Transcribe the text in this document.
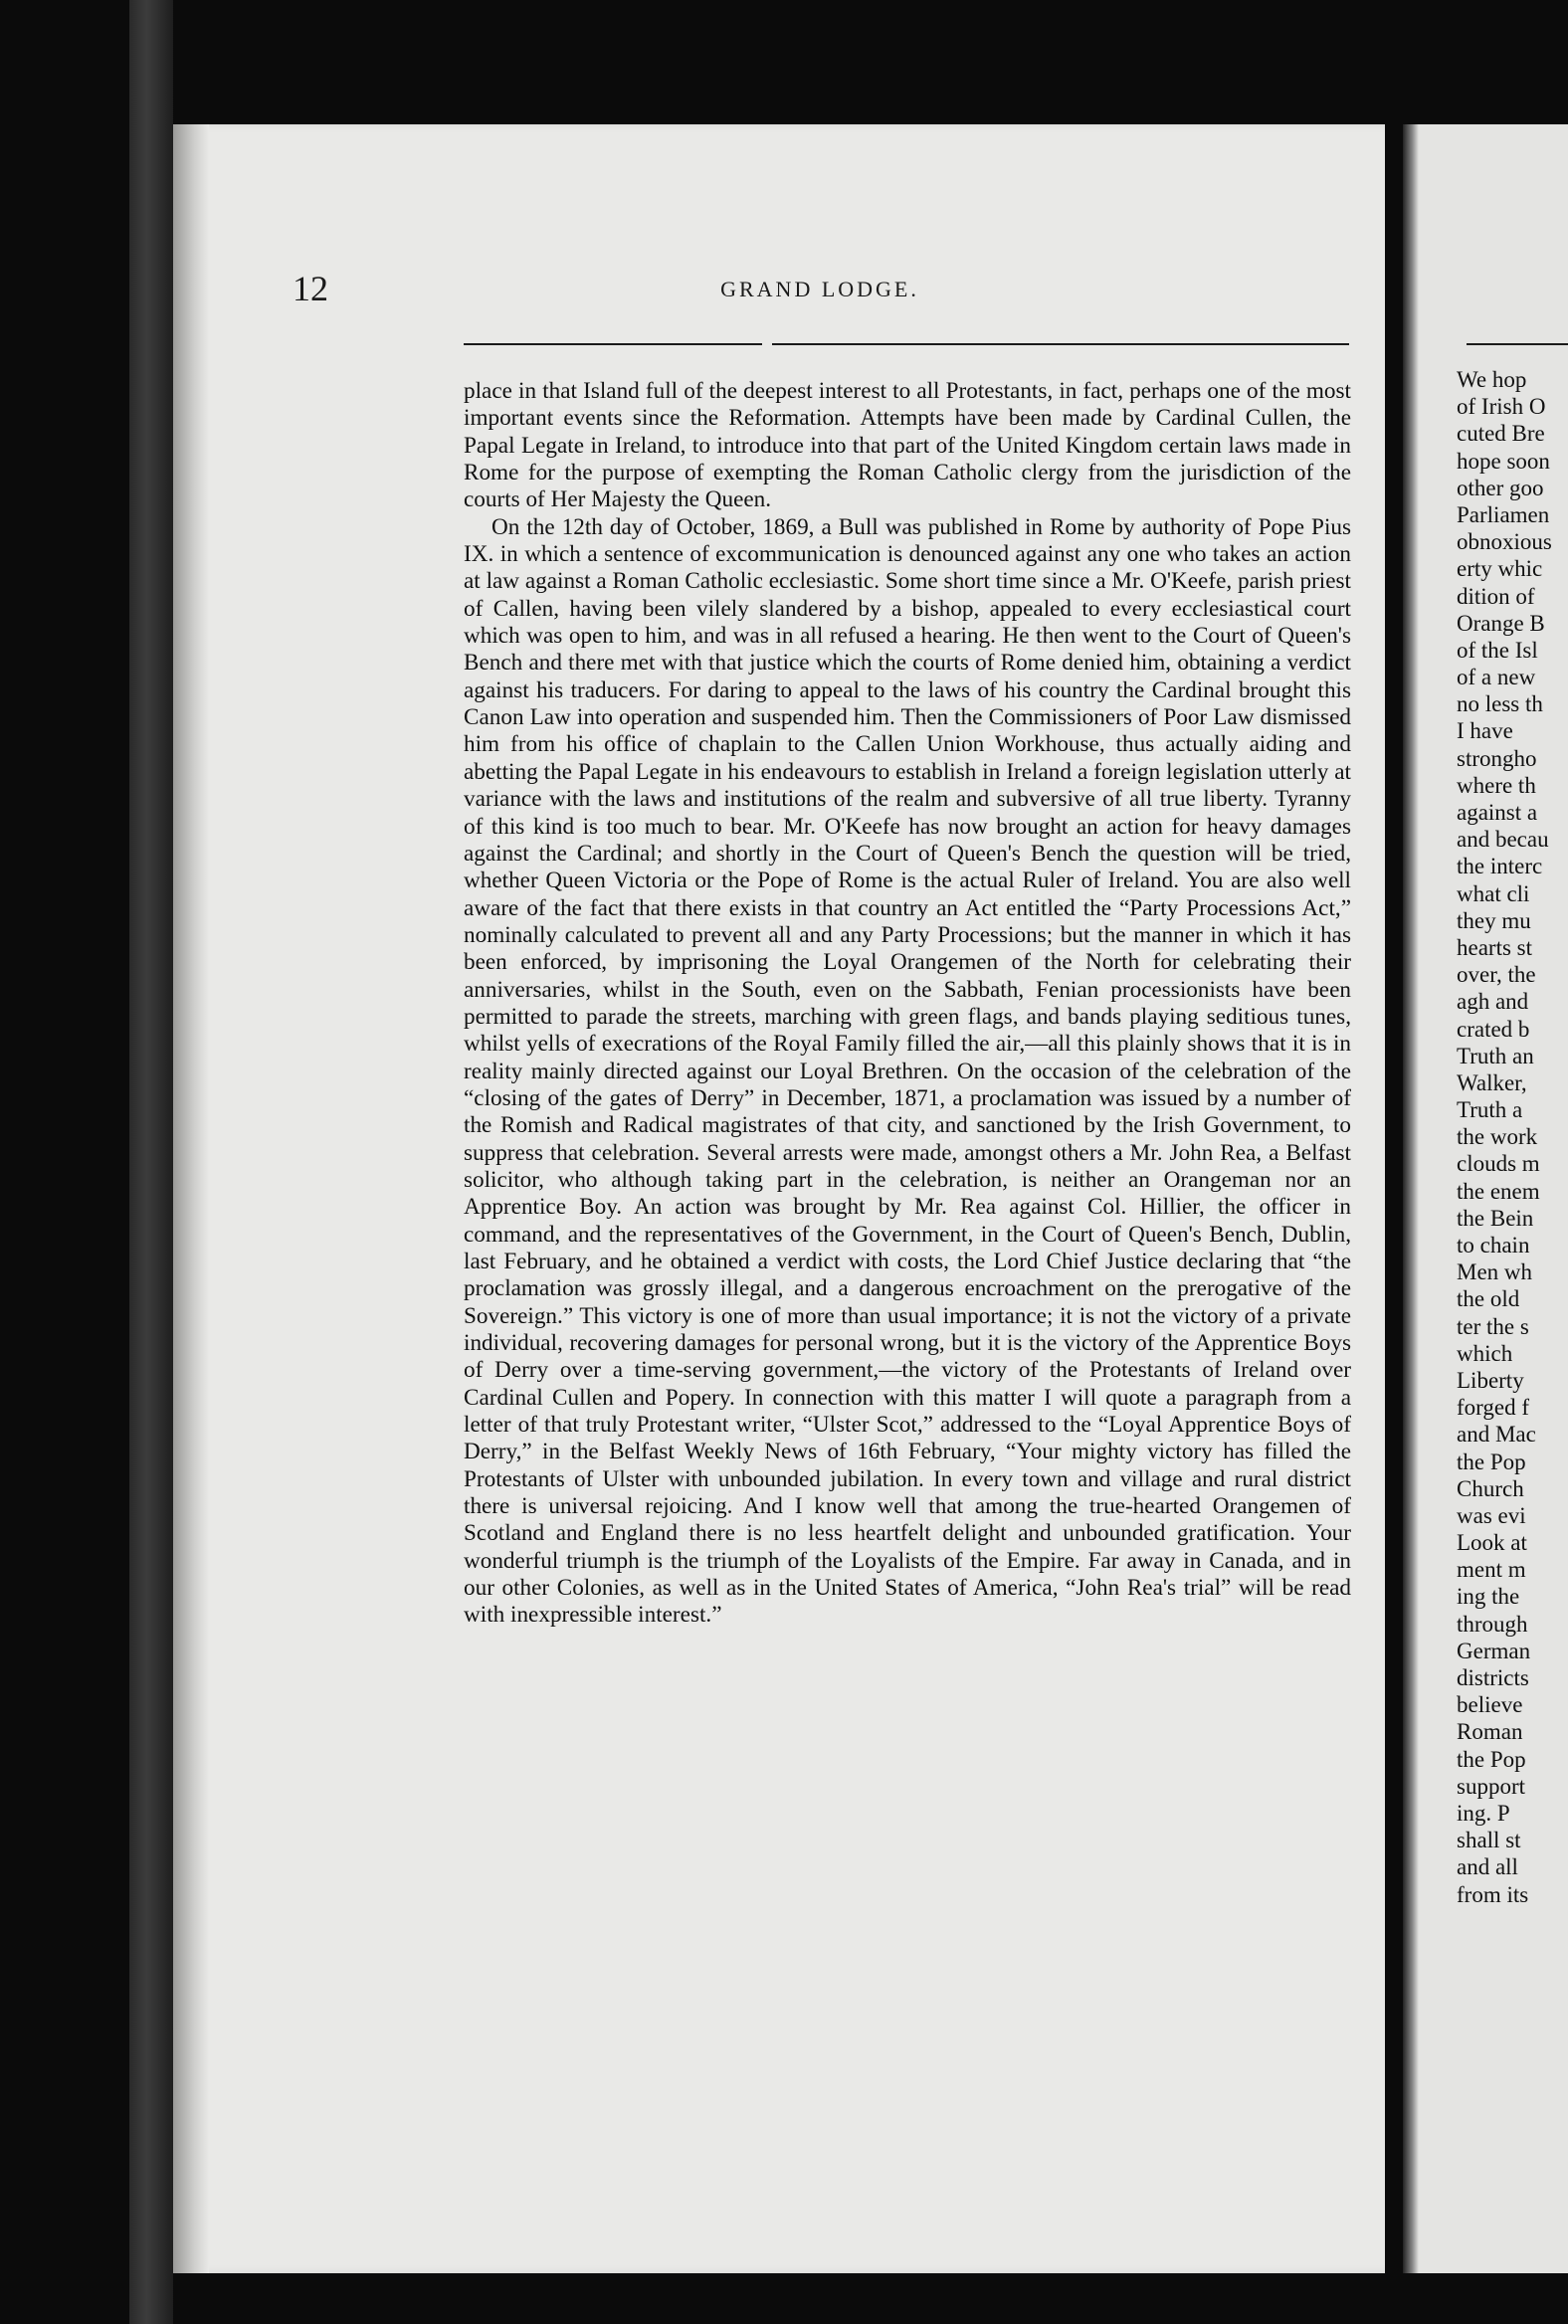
12	GRAND LODGE.

place in that Island full of the deepest interest to all Protestants, in fact, perhaps one of the most important events since the Reformation. Attempts have been made by Cardinal Cullen, the Papal Legate in Ireland, to introduce into that part of the United Kingdom certain laws made in Rome for the purpose of exempting the Roman Catholic clergy from the jurisdiction of the courts of Her Majesty the Queen.

On the 12th day of October, 1869, a Bull was published in Rome by authority of Pope Pius IX. in which a sentence of excommunication is denounced against any one who takes an action at law against a Roman Catholic ecclesiastic. Some short time since a Mr. O'Keefe, parish priest of Callen, having been vilely slandered by a bishop, appealed to every ecclesiastical court which was open to him, and was in all refused a hearing. He then went to the Court of Queen's Bench and there met with that justice which the courts of Rome denied him, obtaining a verdict against his traducers. For daring to appeal to the laws of his country the Cardinal brought this Canon Law into operation and suspended him. Then the Commissioners of Poor Law dismissed him from his office of chaplain to the Callen Union Workhouse, thus actually aiding and abetting the Papal Legate in his endeavours to establish in Ireland a foreign legislation utterly at variance with the laws and institutions of the realm and subversive of all true liberty. Tyranny of this kind is too much to bear. Mr. O'Keefe has now brought an action for heavy damages against the Cardinal; and shortly in the Court of Queen's Bench the question will be tried, whether Queen Victoria or the Pope of Rome is the actual Ruler of Ireland. You are also well aware of the fact that there exists in that country an Act entitled the “Party Processions Act,” nominally calculated to prevent all and any Party Processions; but the manner in which it has been enforced, by imprisoning the Loyal Orangemen of the North for celebrating their anniversaries, whilst in the South, even on the Sabbath, Fenian processionists have been permitted to parade the streets, marching with green flags, and bands playing seditious tunes, whilst yells of execrations of the Royal Family filled the air,—all this plainly shows that it is in reality mainly directed against our Loyal Brethren. On the occasion of the celebration of the “closing of the gates of Derry” in December, 1871, a proclamation was issued by a number of the Romish and Radical magistrates of that city, and sanctioned by the Irish Government, to suppress that celebration. Several arrests were made, amongst others a Mr. John Rea, a Belfast solicitor, who although taking part in the celebration, is neither an Orangeman nor an Apprentice Boy. An action was brought by Mr. Rea against Col. Hillier, the officer in command, and the representatives of the Government, in the Court of Queen's Bench, Dublin, last February, and he obtained a verdict with costs, the Lord Chief Justice declaring that “the proclamation was grossly illegal, and a dangerous encroachment on the prerogative of the Sovereign.” This victory is one of more than usual importance; it is not the victory of a private individual, recovering damages for personal wrong, but it is the victory of the Apprentice Boys of Derry over a time-serving government,—the victory of the Protestants of Ireland over Cardinal Cullen and Popery. In connection with this matter I will quote a paragraph from a letter of that truly Protestant writer, “Ulster Scot,” addressed to the “Loyal Apprentice Boys of Derry,” in the Belfast Weekly News of 16th February, “Your mighty victory has filled the Protestants of Ulster with unbounded jubilation. In every town and village and rural district there is universal rejoicing. And I know well that among the true-hearted Orangemen of Scotland and England there is no less heartfelt delight and unbounded gratification. Your wonderful triumph is the triumph of the Loyalists of the Empire. Far away in Canada, and in our other Colonies, as well as in the United States of America, “John Rea's trial” will be read with inexpressible interest.”

We hop
of Irish O
cuted Bre
hope soon
other goo
Parliamen
obnoxious
erty whic
dition of
Orange B
of the Isl
of a new
no less th
I have
strongho
where th
against a
and becau
the interc
what cli
they mu
hearts st
over, the
agh and
crated b
Truth an
Walker,
Truth a
the work
clouds m
the enem
the Bein
to chain
Men wh
the old
ter the s
which
Liberty
forged f
and Mac
the Pop
Church
was evi
Look at
ment m
ing the
through
German
districts
believe
Roman
the Pop
support
ing. P
shall st
and all
from its
